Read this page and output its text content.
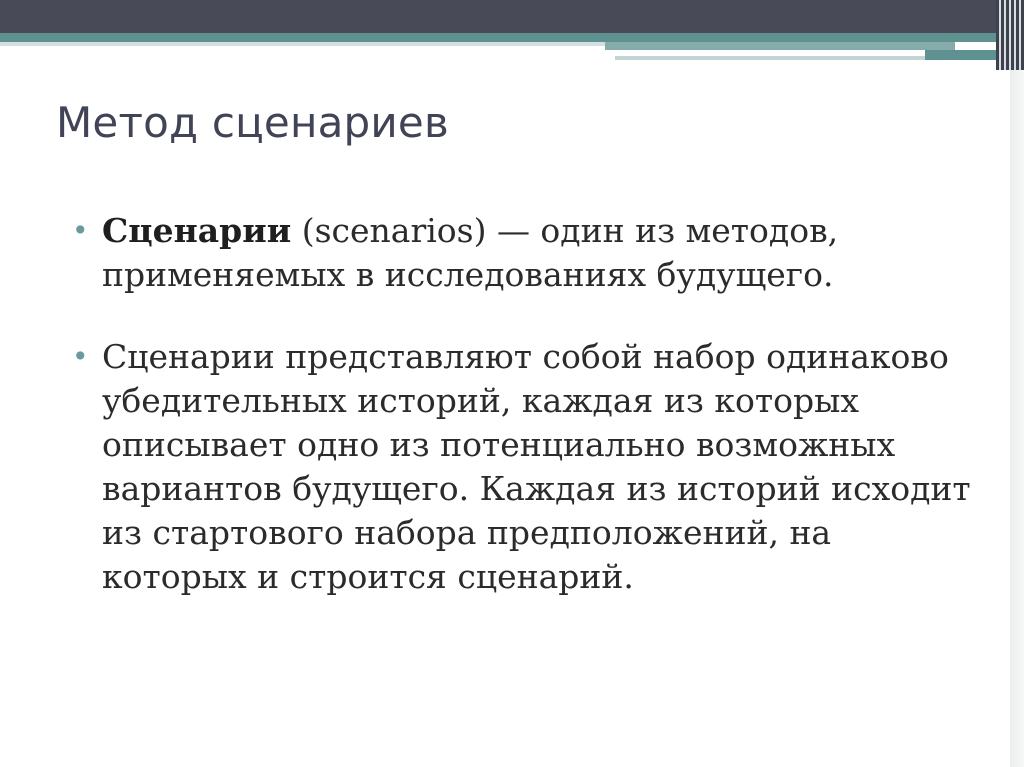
Метод сценариев
• Сценарии (scenarios) — один из методов, применяемых в исследованиях будущего.
• Сценарии представляют собой набор одинаково убедительных историй, каждая из которых описывает одно из потенциально возможных вариантов будущего. Каждая из историй исходит из стартового набора предположений, на которых и строится сценарий.
